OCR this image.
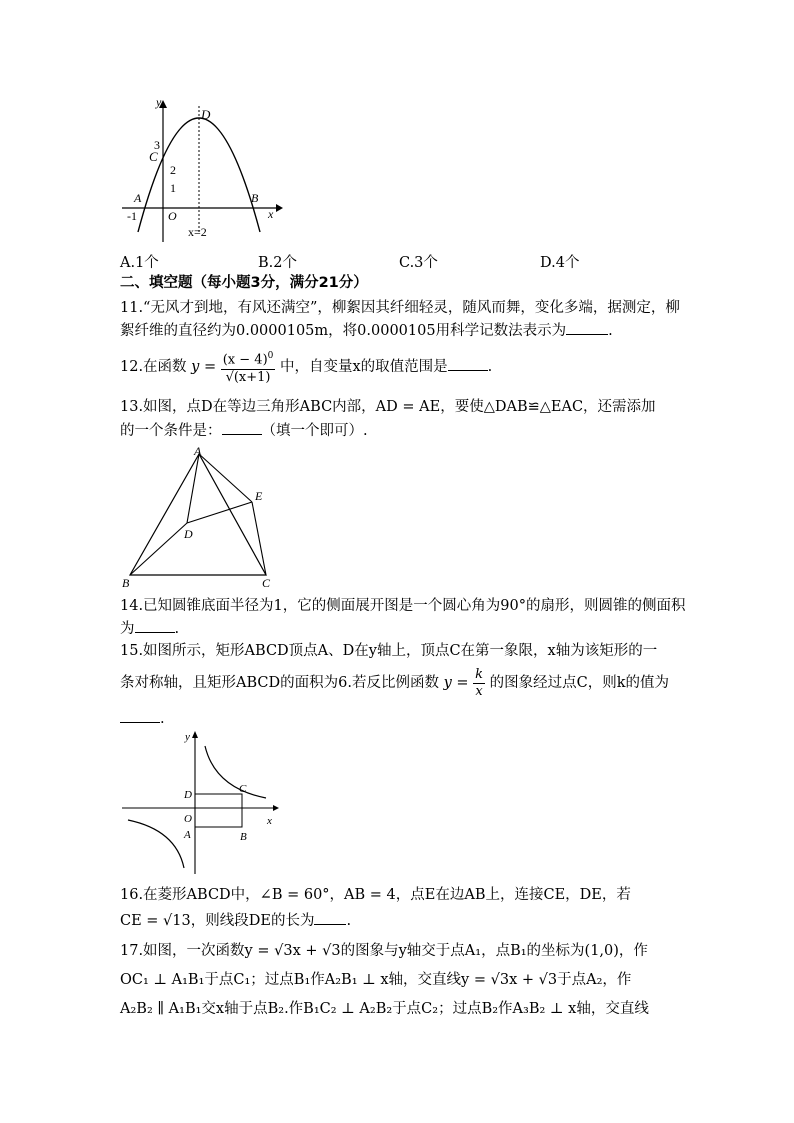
y
x
D
C
A	B
O
3
2
1
-1
x=2
A.1个	B.2个	C.3个	D.4个
二、填空题（每小题3分，满分21分）
11.“无风才到地，有风还满空”，柳絮因其纤细轻灵，随风而舞，变化多端，据测定，柳
絮纤维的直径约为0.0000105m，将0.0000105用科学记数法表示为	.
12.在函数 $y = \frac{(x - 4)^0}{√(x+1)}$ 中，自变量x的取值范围是	.
13.如图，点D在等边三角形ABC内部，AD = AE，要使△DAB≌△EAC，还需添加
的一个条件是：	（填一个即可）.
A
B	C
D
E
14.已知圆锥底面半径为1，它的侧面展开图是一个圆心角为90°的扇形，则圆锥的侧面积
为	.
15.如图所示，矩形ABCD顶点A、D在y轴上，顶点C在第一象限，x轴为该矩形的一
条对称轴，且矩形ABCD的面积为6.若反比例函数 $y = \frac{k}{x}$ 的图象经过点C，则k的值为
.
y
x
O
D
A	B
C
16.在菱形ABCD中，∠B = 60°，AB = 4，点E在边AB上，连接CE，DE，若
CE = √13，则线段DE的长为 .
17.如图，一次函数y = √3x + √3的图象与y轴交于点A₁，点B₁的坐标为(1,0)，作
OC₁ ⊥ A₁B₁于点C₁；过点B₁作A₂B₁ ⊥ x轴，交直线y = √3x + √3于点A₂，作
A₂B₂ ∥ A₁B₁交x轴于点B₂.作B₁C₂ ⊥ A₂B₂于点C₂；过点B₂作A₃B₂ ⊥ x轴，交直线
